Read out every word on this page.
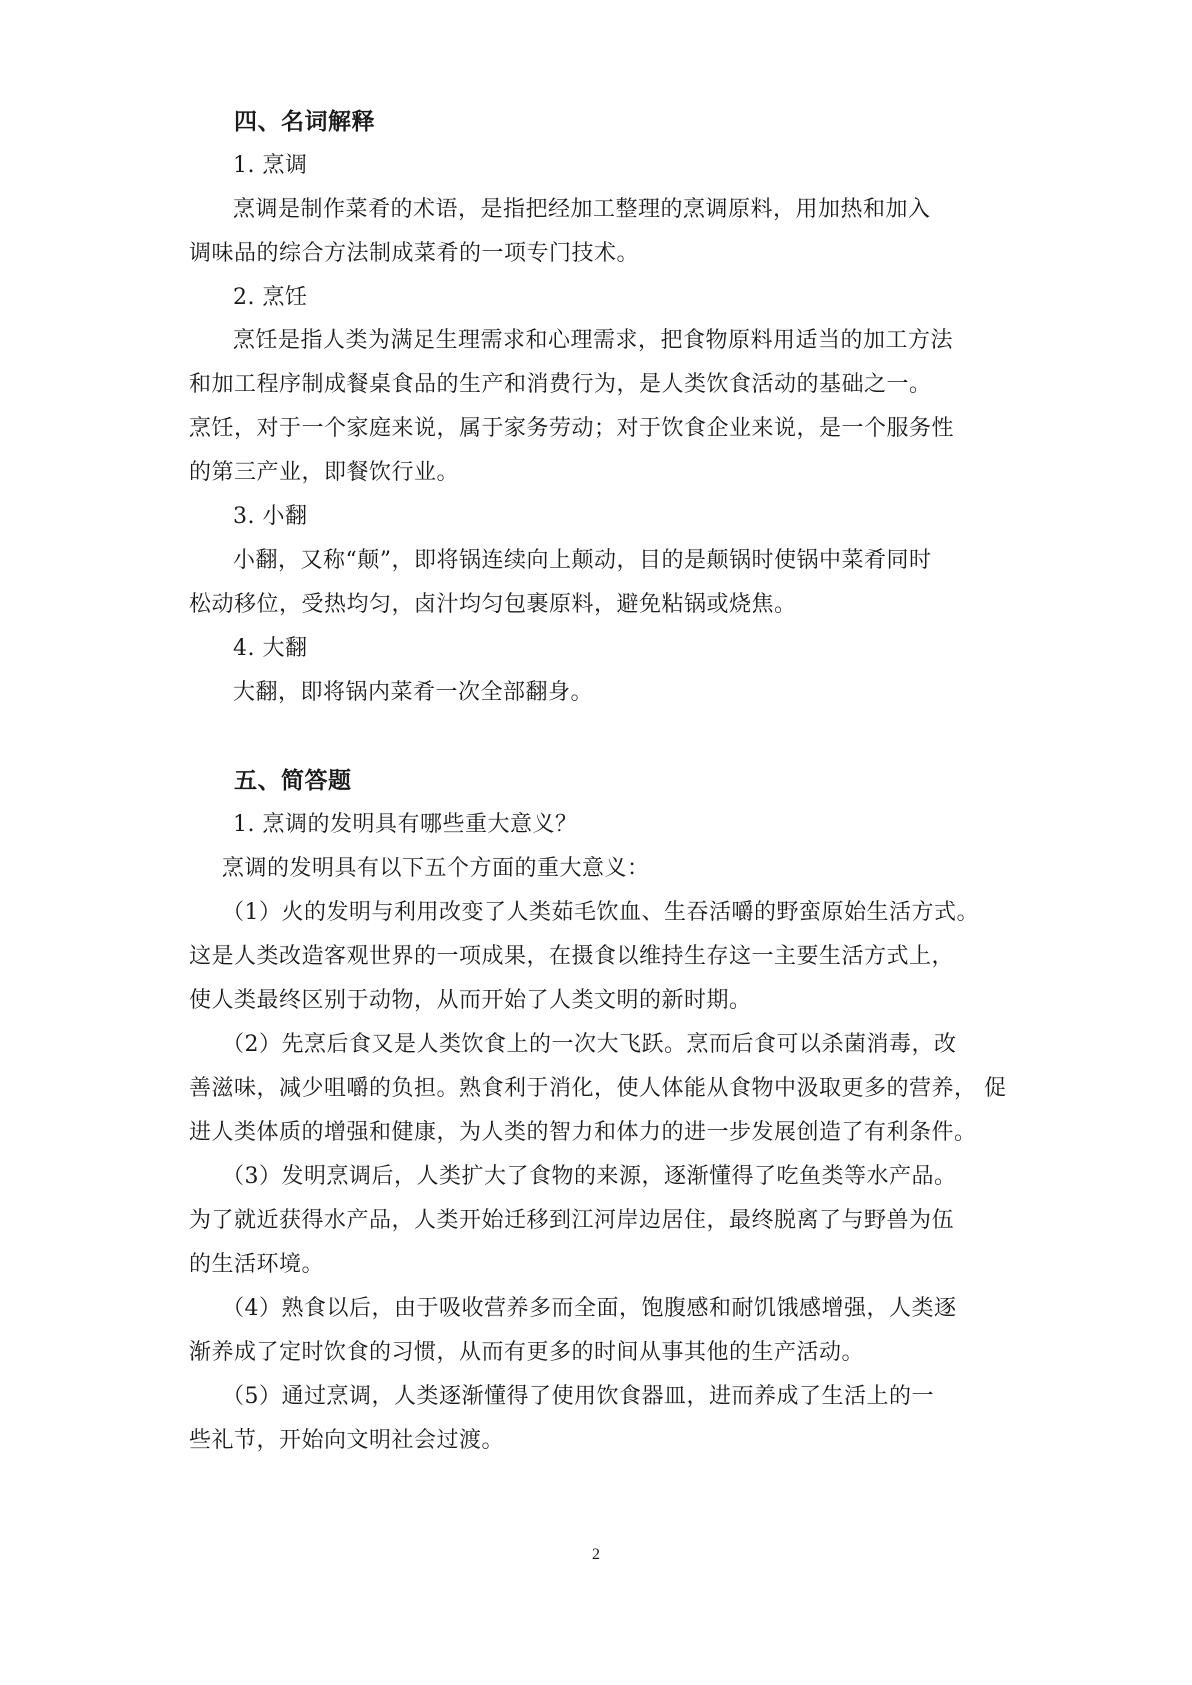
四、名词解释
1. 烹调
烹调是制作菜肴的术语，是指把经加工整理的烹调原料，用加热和加入
调味品的综合方法制成菜肴的一项专门技术。
2. 烹饪
烹饪是指人类为满足生理需求和心理需求，把食物原料用适当的加工方法
和加工程序制成餐桌食品的生产和消费行为，是人类饮食活动的基础之一。
烹饪，对于一个家庭来说，属于家务劳动；对于饮食企业来说，是一个服务性
的第三产业，即餐饮行业。
3. 小翻
小翻，又称“颠”，即将锅连续向上颠动，目的是颠锅时使锅中菜肴同时
松动移位，受热均匀，卤汁均匀包裹原料，避免粘锅或烧焦。
4. 大翻
大翻，即将锅内菜肴一次全部翻身。
五、简答题
1. 烹调的发明具有哪些重大意义？
烹调的发明具有以下五个方面的重大意义：
（1）火的发明与利用改变了人类茹毛饮血、生吞活嚼的野蛮原始生活方式。
这是人类改造客观世界的一项成果，在摄食以维持生存这一主要生活方式上，
使人类最终区别于动物，从而开始了人类文明的新时期。
（2）先烹后食又是人类饮食上的一次大飞跃。烹而后食可以杀菌消毒，改
善滋味，减少咀嚼的负担。熟食利于消化，使人体能从食物中汲取更多的营养， 促
进人类体质的增强和健康，为人类的智力和体力的进一步发展创造了有利条件。
（3）发明烹调后，人类扩大了食物的来源，逐渐懂得了吃鱼类等水产品。
为了就近获得水产品，人类开始迁移到江河岸边居住，最终脱离了与野兽为伍
的生活环境。
（4）熟食以后，由于吸收营养多而全面，饱腹感和耐饥饿感增强，人类逐
渐养成了定时饮食的习惯，从而有更多的时间从事其他的生产活动。
（5）通过烹调，人类逐渐懂得了使用饮食器皿，进而养成了生活上的一
些礼节，开始向文明社会过渡。
2
